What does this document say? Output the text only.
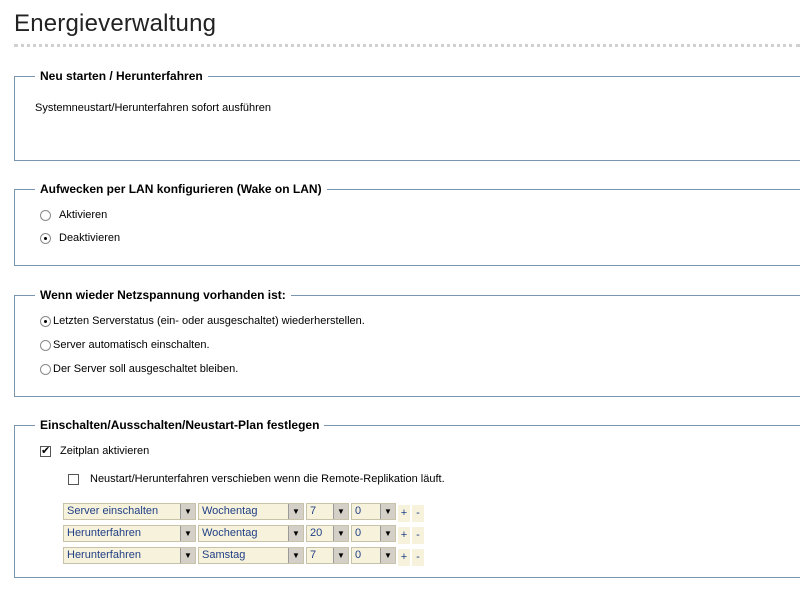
Energieverwaltung
Neu starten / Herunterfahren
Systemneustart/Herunterfahren sofort ausführen
Aufwecken per LAN konfigurieren (Wake on LAN)
Aktivieren
Deaktivieren
Wenn wieder Netzspannung vorhanden ist:
Letzten Serverstatus (ein- oder ausgeschaltet) wiederherstellen.
Server automatisch einschalten.
Der Server soll ausgeschaltet bleiben.
Einschalten/Ausschalten/Neustart-Plan festlegen
✔ Zeitplan aktivieren
Neustart/Herunterfahren verschieben wenn die Remote-Replikation läuft.
Server einschalten ▼	Wochentag ▼	7 ▼	0 ▼	+	-

Herunterfahren ▼	Wochentag ▼	20 ▼	0 ▼	+	-

Herunterfahren ▼	Samstag ▼	7 ▼	0 ▼	+	-
